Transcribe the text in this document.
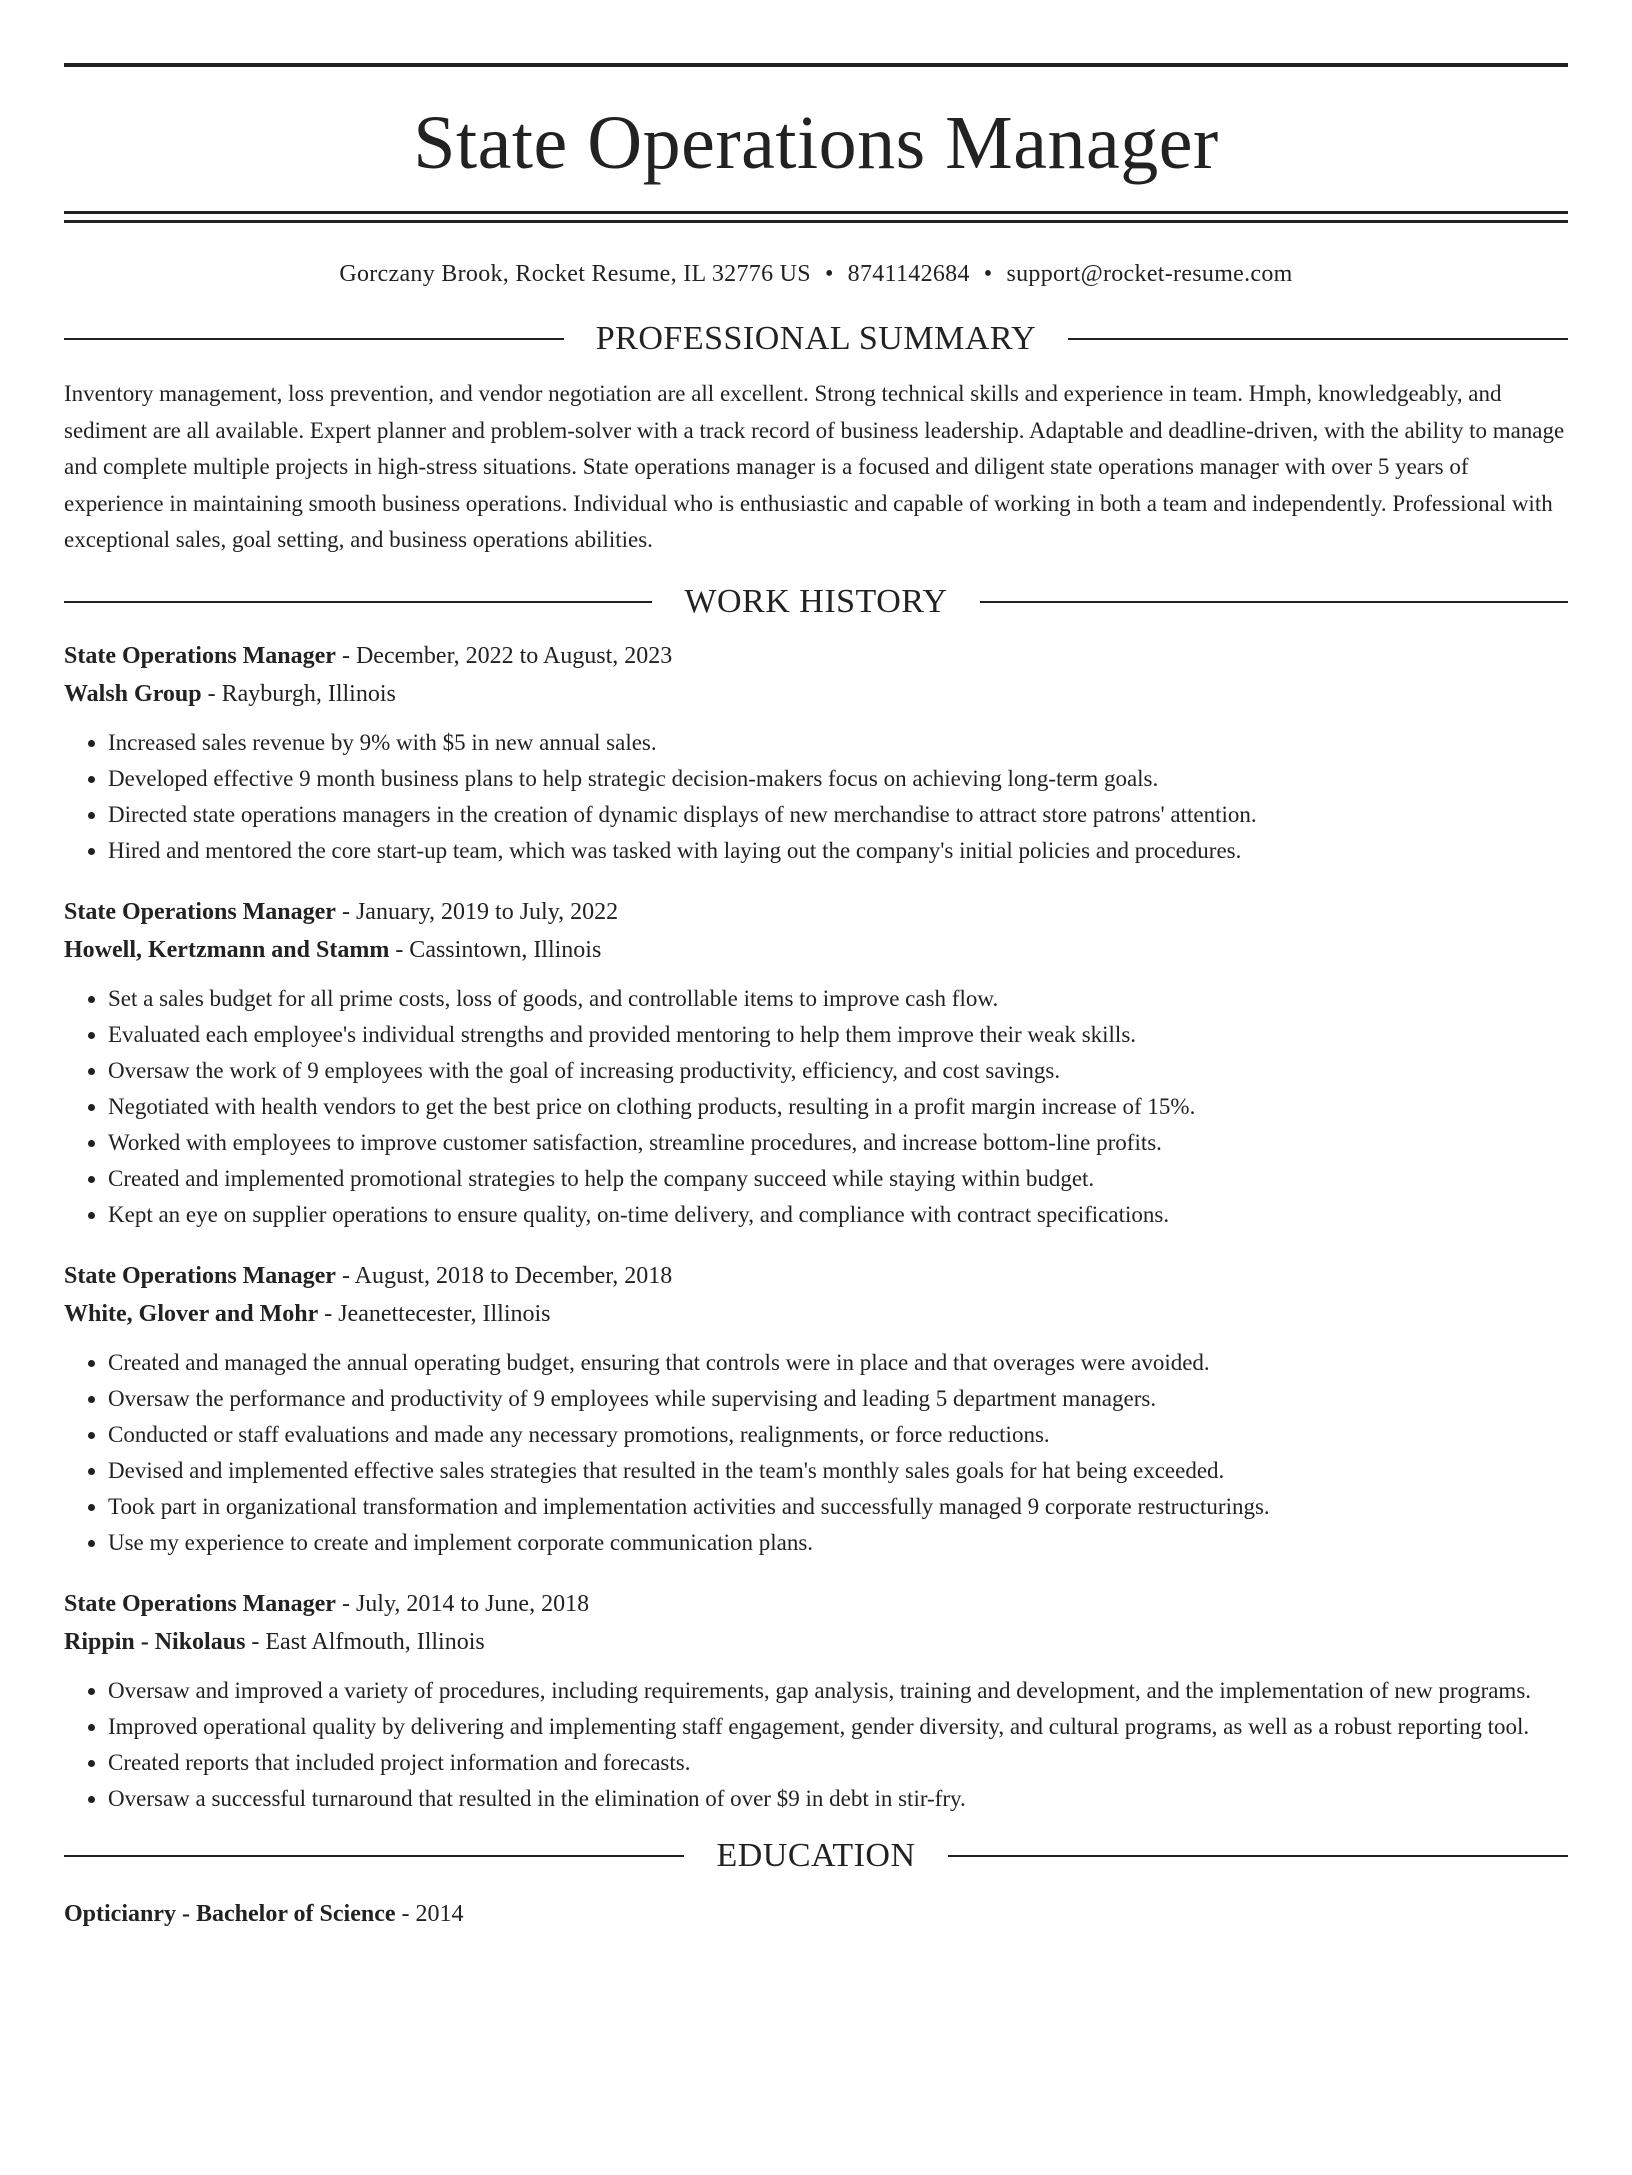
State Operations Manager
Gorczany Brook, Rocket Resume, IL 32776 US • 8741142684 • support@rocket-resume.com
PROFESSIONAL SUMMARY

Inventory management, loss prevention, and vendor negotiation are all excellent. Strong technical skills and experience in team. Hmph, knowledgeably, and sediment are all available. Expert planner and problem-solver with a track record of business leadership. Adaptable and deadline-driven, with the ability to manage and complete multiple projects in high-stress situations. State operations manager is a focused and diligent state operations manager with over 5 years of experience in maintaining smooth business operations. Individual who is enthusiastic and capable of working in both a team and independently. Professional with exceptional sales, goal setting, and business operations abilities.

WORK HISTORY
State Operations Manager - December, 2022 to August, 2023
Walsh Group - Rayburgh, Illinois
• Increased sales revenue by 9% with $5 in new annual sales.
• Developed effective 9 month business plans to help strategic decision-makers focus on achieving long-term goals.
• Directed state operations managers in the creation of dynamic displays of new merchandise to attract store patrons' attention.
• Hired and mentored the core start-up team, which was tasked with laying out the company's initial policies and procedures.
State Operations Manager - January, 2019 to July, 2022
Howell, Kertzmann and Stamm - Cassintown, Illinois
• Set a sales budget for all prime costs, loss of goods, and controllable items to improve cash flow.
• Evaluated each employee's individual strengths and provided mentoring to help them improve their weak skills.
• Oversaw the work of 9 employees with the goal of increasing productivity, efficiency, and cost savings.
• Negotiated with health vendors to get the best price on clothing products, resulting in a profit margin increase of 15%.
• Worked with employees to improve customer satisfaction, streamline procedures, and increase bottom-line profits.
• Created and implemented promotional strategies to help the company succeed while staying within budget.
• Kept an eye on supplier operations to ensure quality, on-time delivery, and compliance with contract specifications.
State Operations Manager - August, 2018 to December, 2018
White, Glover and Mohr - Jeanettecester, Illinois
• Created and managed the annual operating budget, ensuring that controls were in place and that overages were avoided.
• Oversaw the performance and productivity of 9 employees while supervising and leading 5 department managers.
• Conducted or staff evaluations and made any necessary promotions, realignments, or force reductions.
• Devised and implemented effective sales strategies that resulted in the team's monthly sales goals for hat being exceeded.
• Took part in organizational transformation and implementation activities and successfully managed 9 corporate restructurings.
• Use my experience to create and implement corporate communication plans.
State Operations Manager - July, 2014 to June, 2018
Rippin - Nikolaus - East Alfmouth, Illinois
• Oversaw and improved a variety of procedures, including requirements, gap analysis, training and development, and the implementation of new programs.
• Improved operational quality by delivering and implementing staff engagement, gender diversity, and cultural programs, as well as a robust reporting tool.
• Created reports that included project information and forecasts.
• Oversaw a successful turnaround that resulted in the elimination of over $9 in debt in stir-fry.
EDUCATION
Opticianry - Bachelor of Science - 2014
